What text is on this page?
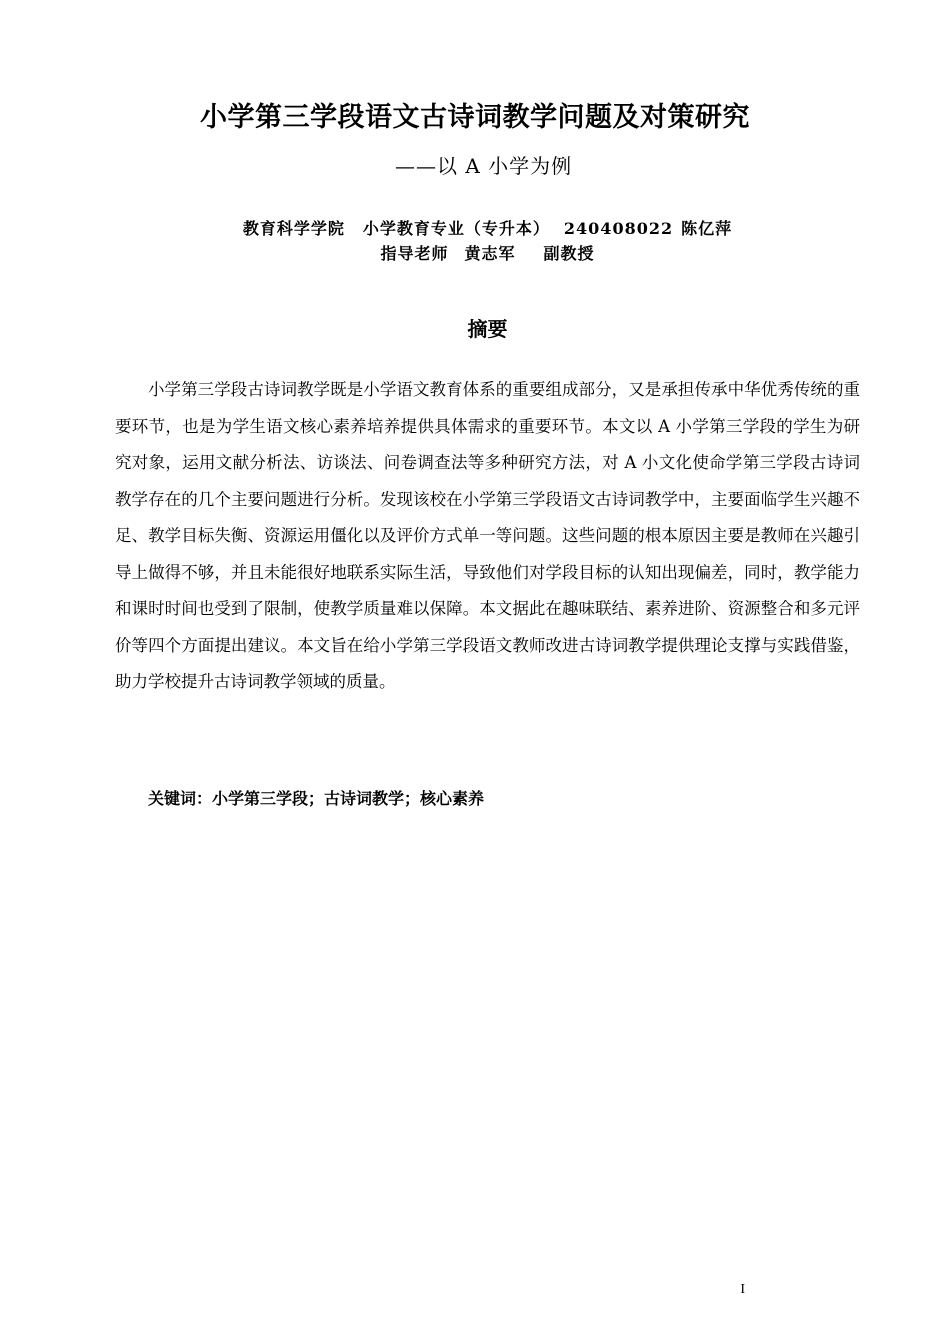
小学第三学段语文古诗词教学问题及对策研究
——以 A 小学为例
教育科学学院 小学教育专业（专升本） 240408022 陈亿萍
指导老师 黄志军 副教授
摘要

小学第三学段古诗词教学既是小学语文教育体系的重要组成部分，又是承担传承中华优秀传统的重要环节，也是为学生语文核心素养培养提供具体需求的重要环节。本文以 A 小学第三学段的学生为研究对象，运用文献分析法、访谈法、问卷调查法等多种研究方法，对 A 小文化使命学第三学段古诗词教学存在的几个主要问题进行分析。发现该校在小学第三学段语文古诗词教学中，主要面临学生兴趣不足、教学目标失衡、资源运用僵化以及评价方式单一等问题。这些问题的根本原因主要是教师在兴趣引导上做得不够，并且未能很好地联系实际生活，导致他们对学段目标的认知出现偏差，同时，教学能力和课时时间也受到了限制，使教学质量难以保障。本文据此在趣味联结、素养进阶、资源整合和多元评价等四个方面提出建议。本文旨在给小学第三学段语文教师改进古诗词教学提供理论支撑与实践借鉴，助力学校提升古诗词教学领域的质量。

关键词：小学第三学段；古诗词教学；核心素养
I
